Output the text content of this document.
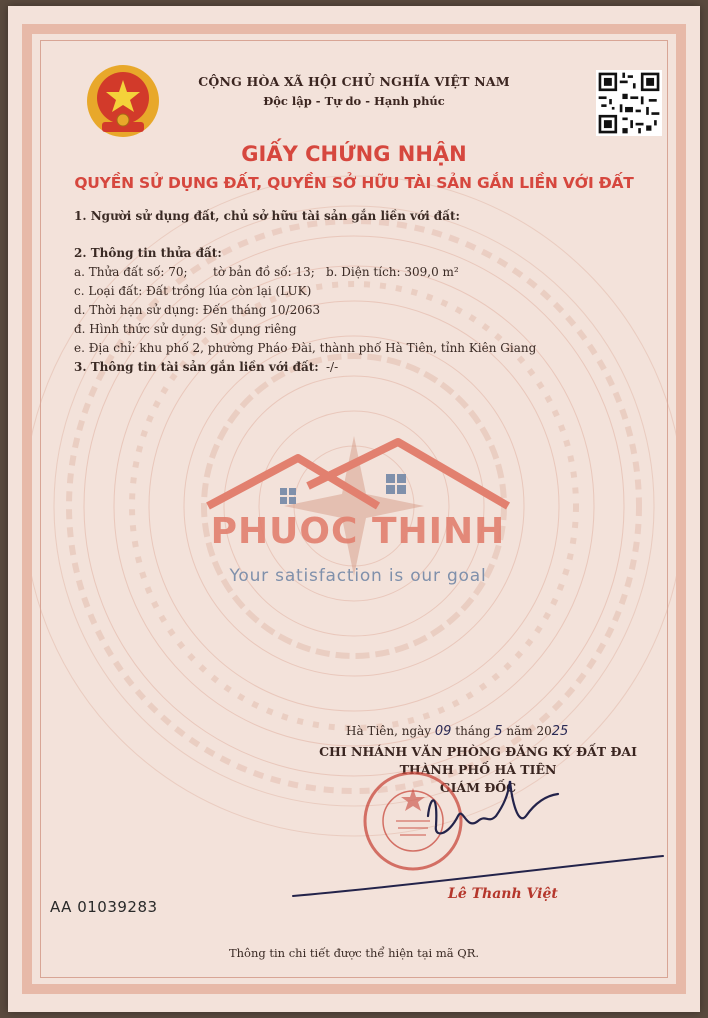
CỘNG HÒA XÃ HỘI CHỦ NGHĨA VIỆT NAM
Độc lập - Tự do - Hạnh phúc
GIẤY CHỨNG NHẬN
QUYỀN SỬ DỤNG ĐẤT, QUYỀN SỞ HỮU TÀI SẢN GẮN LIỀN VỚI ĐẤT
1. Người sử dụng đất, chủ sở hữu tài sản gắn liền với đất:
2. Thông tin thửa đất:
a. Thửa đất số: 70; tờ bản đồ số: 13; b. Diện tích: 309,0 m²
c. Loại đất: Đất trồng lúa còn lại (LUK)
d. Thời hạn sử dụng: Đến tháng 10/2063
đ. Hình thức sử dụng: Sử dụng riêng
e. Địa chỉ: khu phố 2, phường Pháo Đài, thành phố Hà Tiên, tỉnh Kiên Giang
3. Thông tin tài sản gắn liền với đất: -/-
PHUOC THINH
Your satisfaction is our goal
Hà Tiên, ngày 09 tháng 5 năm 2025
CHI NHÁNH VĂN PHÒNG ĐĂNG KÝ ĐẤT ĐAI
THÀNH PHỐ HÀ TIÊN
GIÁM ĐỐC
Lê Thanh Việt
AA 01039283
Thông tin chi tiết được thể hiện tại mã QR.
